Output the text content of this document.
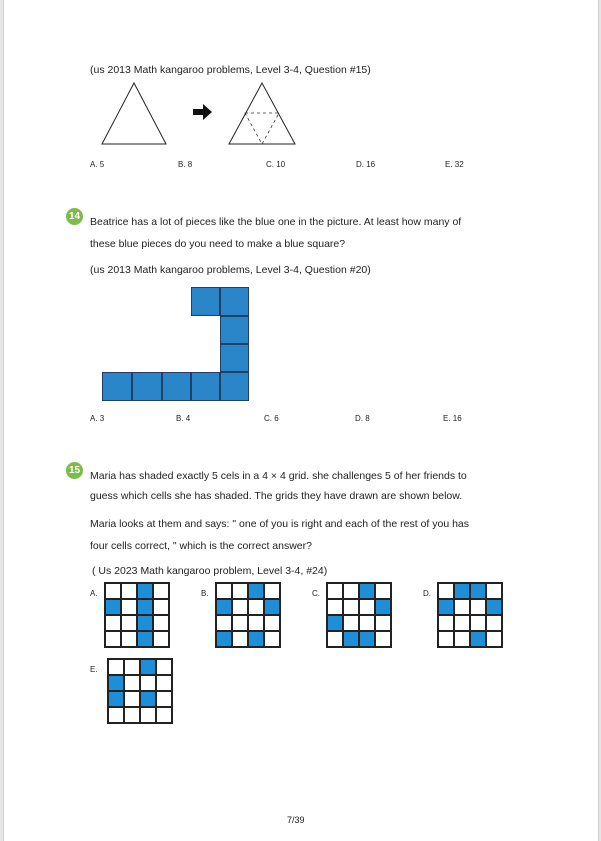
(us 2013 Math kangaroo problems, Level 3-4, Question #15)
A. 5	B. 8	C. 10	D. 16	E. 32
14 Beatrice has a lot of pieces like the blue one in the picture. At least how many of
these blue pieces do you need to make a blue square?
(us 2013 Math kangaroo problems, Level 3-4, Question #20)
A. 3	B. 4	C. 6	D. 8	E. 16
15 Maria has shaded exactly 5 cels in a 4 × 4 grid. she challenges 5 of her friends to
guess which cells she has shaded. The grids they have drawn are shown below.
Maria looks at them and says: " one of you is right and each of the rest of you has
four cells correct, " which is the correct answer?
( Us 2023 Math kangaroo problem, Level 3-4, #24)
A.	B.	C.	D.
E.
7/39
